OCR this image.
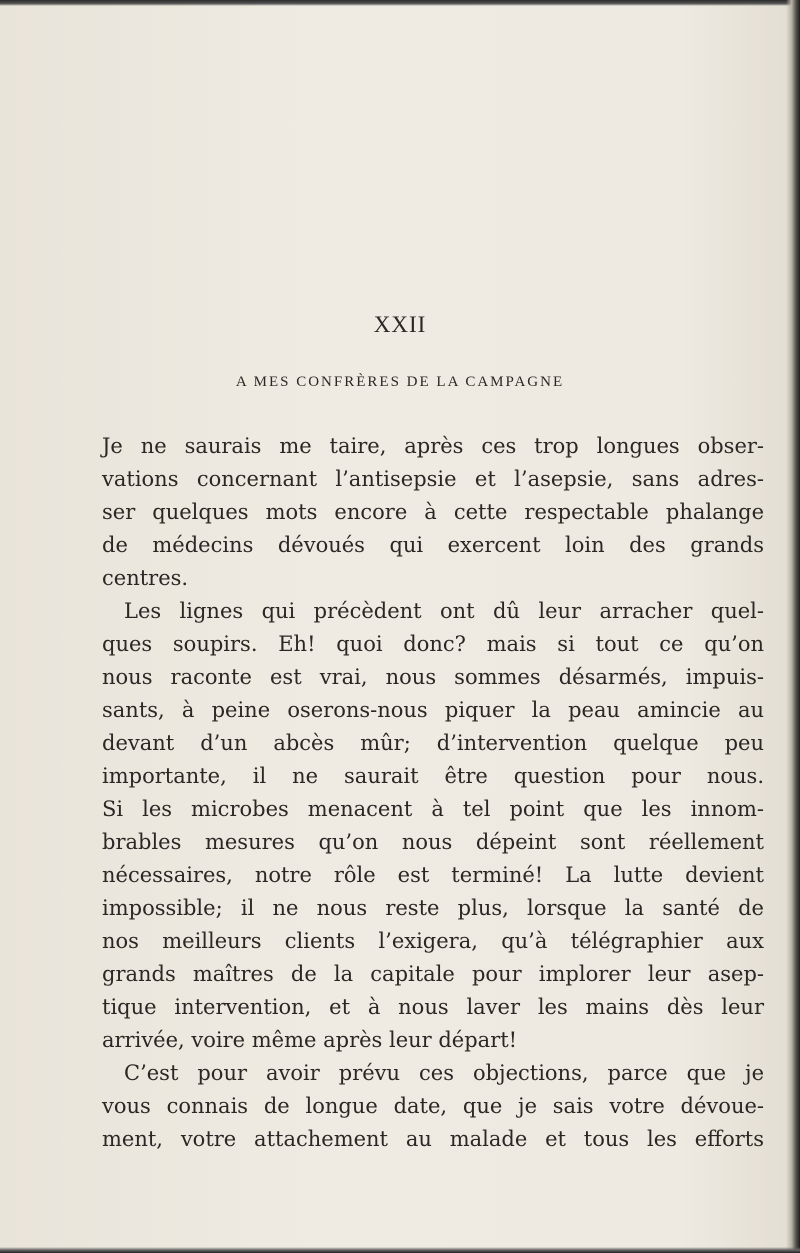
XXII
A MES CONFRÈRES DE LA CAMPAGNE
Je ne saurais me taire, après ces trop longues obser-
vations concernant l’antisepsie et l’asepsie, sans adres-
ser quelques mots encore à cette respectable phalange
de médecins dévoués qui exercent loin des grands
centres.
Les lignes qui précèdent ont dû leur arracher quel-
ques soupirs. Eh! quoi donc? mais si tout ce qu’on
nous raconte est vrai, nous sommes désarmés, impuis-
sants, à peine oserons-nous piquer la peau amincie au
devant d’un abcès mûr; d’intervention quelque peu
importante, il ne saurait être question pour nous.
Si les microbes menacent à tel point que les innom-
brables mesures qu’on nous dépeint sont réellement
nécessaires, notre rôle est terminé! La lutte devient
impossible; il ne nous reste plus, lorsque la santé de
nos meilleurs clients l’exigera, qu’à télégraphier aux
grands maîtres de la capitale pour implorer leur asep-
tique intervention, et à nous laver les mains dès leur
arrivée, voire même après leur départ!
C’est pour avoir prévu ces objections, parce que je
vous connais de longue date, que je sais votre dévoue-
ment, votre attachement au malade et tous les efforts
